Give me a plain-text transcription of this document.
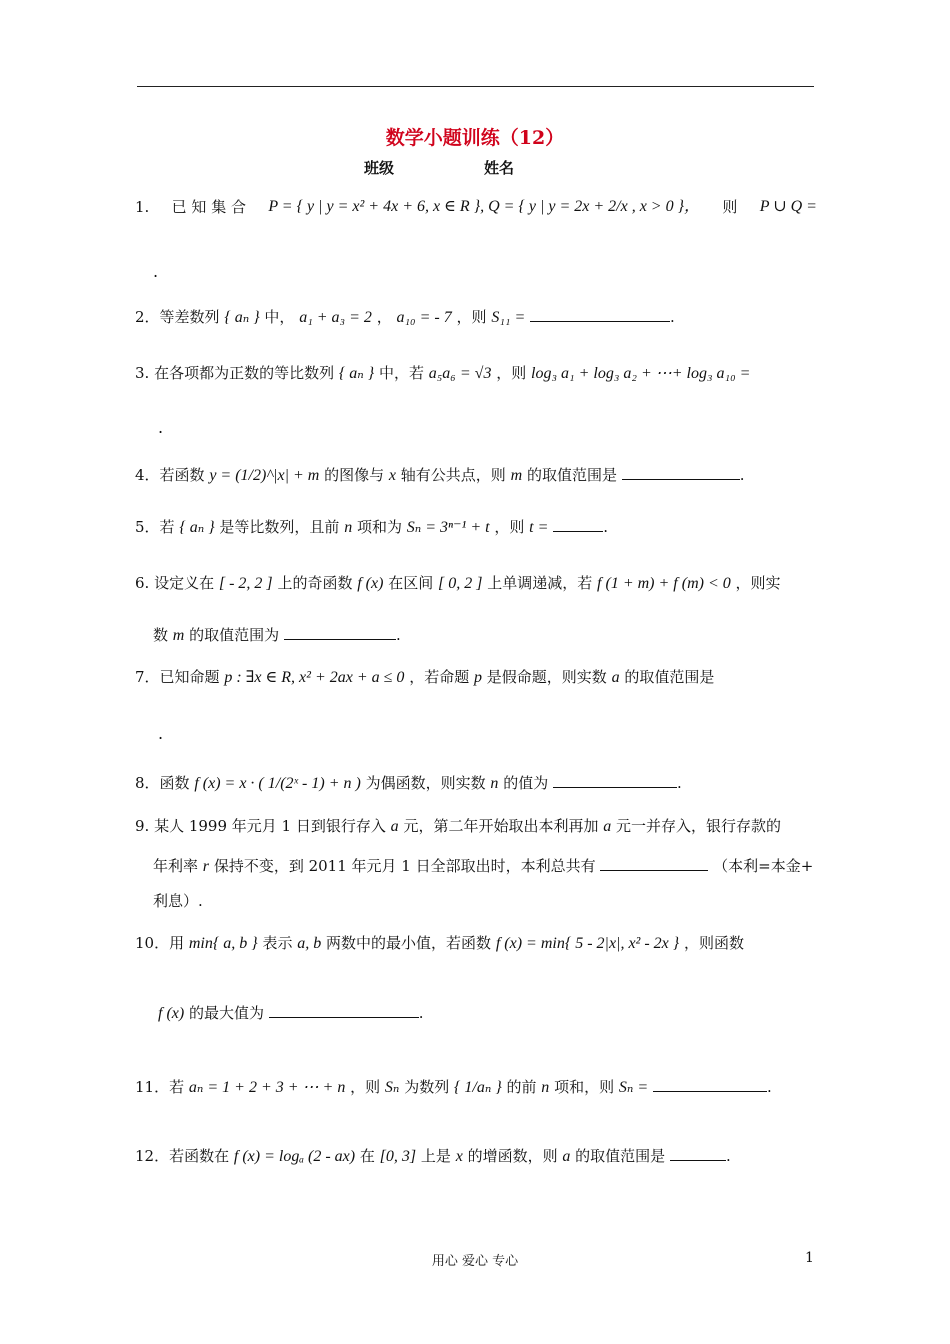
数学小题训练（12）
班级	姓名
1. 已 知 集 合 P = { y | y = x² + 4x + 6, x ∈ R }, Q = { y | y = 2x + 2/x , x > 0 }， 则 P ∪ Q =
.
2．等差数列 { aₙ } 中， a₁ + a₃ = 2 ， a₁₀ = - 7 ，则 S₁₁ =	.
3. 在各项都为正数的等比数列 { aₙ } 中，若 a₅a₆ = √3 ，则 log₃ a₁ + log₃ a₂ + ⋯+ log₃ a₁₀ =
.
4．若函数 y = (1/2)^|x| + m 的图像与 x 轴有公共点，则 m 的取值范围是	.
5．若 { aₙ } 是等比数列，且前 n 项和为 Sₙ = 3ⁿ⁻¹ + t ，则 t =	.
6. 设定义在 [ - 2, 2 ] 上的奇函数 f (x) 在区间 [ 0, 2 ] 上单调递减，若 f (1 + m) + f (m) < 0 ，则实
数 m 的取值范围为	.
7．已知命题 p : ∃x ∈ R, x² + 2ax + a ≤ 0 ，若命题 p 是假命题，则实数 a 的取值范围是
.
8．函数 f (x) = x · ( 1/(2ˣ - 1) + n ) 为偶函数，则实数 n 的值为	.
9. 某人 1999 年元月 1 日到银行存入 a 元，第二年开始取出本利再加 a 元一并存入，银行存款的
年利率 r 保持不变，到 2011 年元月 1 日全部取出时，本利总共有	（本利=本金+
利息）.
10．用 min{ a, b } 表示 a, b 两数中的最小值，若函数 f (x) = min{ 5 - 2|x|, x² - 2x } ，则函数
f (x) 的最大值为	.
11．若 aₙ = 1 + 2 + 3 + ⋯ + n ，则 Sₙ 为数列 { 1/aₙ } 的前 n 项和，则 Sₙ =	.
12．若函数在 f (x) = logₐ (2 - ax) 在 [0, 3] 上是 x 的增函数，则 a 的取值范围是	.
用心 爱心 专心	1
